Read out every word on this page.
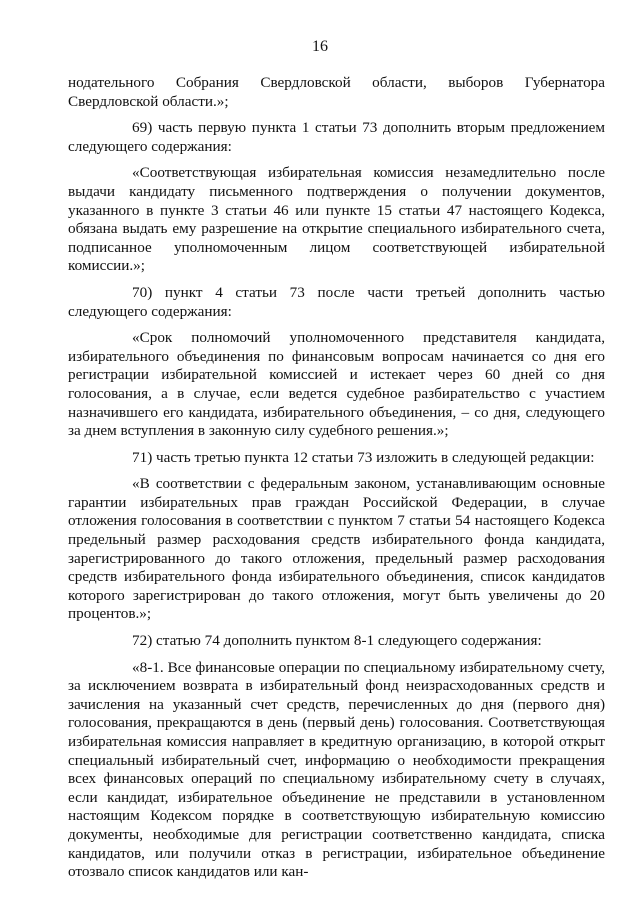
16

нодательного Собрания Свердловской области, выборов Губернатора Свердловской области.»;

69) часть первую пункта 1 статьи 73 дополнить вторым предложением следующего содержания:

«Соответствующая избирательная комиссия незамедлительно после выдачи кандидату письменного подтверждения о получении документов, указанного в пункте 3 статьи 46 или пункте 15 статьи 47 настоящего Кодекса, обязана выдать ему разрешение на открытие специального избирательного счета, подписанное уполномоченным лицом соответствующей избирательной комиссии.»;

70) пункт 4 статьи 73 после части третьей дополнить частью следующего содержания:

«Срок полномочий уполномоченного представителя кандидата, избирательного объединения по финансовым вопросам начинается со дня его регистрации избирательной комиссией и истекает через 60 дней со дня голосования, а в случае, если ведется судебное разбирательство с участием назначившего его кандидата, избирательного объединения, – со дня, следующего за днем вступления в законную силу судебного решения.»;

71) часть третью пункта 12 статьи 73 изложить в следующей редакции:

«В соответствии с федеральным законом, устанавливающим основные гарантии избирательных прав граждан Российской Федерации, в случае отложения голосования в соответствии с пунктом 7 статьи 54 настоящего Кодекса предельный размер расходования средств избирательного фонда кандидата, зарегистрированного до такого отложения, предельный размер расходования средств избирательного фонда избирательного объединения, список кандидатов которого зарегистрирован до такого отложения, могут быть увеличены до 20 процентов.»;

72) статью 74 дополнить пунктом 8-1 следующего содержания:

«8-1. Все финансовые операции по специальному избирательному счету, за исключением возврата в избирательный фонд неизрасходованных средств и зачисления на указанный счет средств, перечисленных до дня (первого дня) голосования, прекращаются в день (первый день) голосования. Соответствующая избирательная комиссия направляет в кредитную организацию, в которой открыт специальный избирательный счет, информацию о необходимости прекращения всех финансовых операций по специальному избирательному счету в случаях, если кандидат, избирательное объединение не представили в установленном настоящим Кодексом порядке в соответствующую избирательную комиссию документы, необходимые для регистрации соответственно кандидата, списка кандидатов, или получили отказ в регистрации, избирательное объединение отозвало список кандидатов или кан-
